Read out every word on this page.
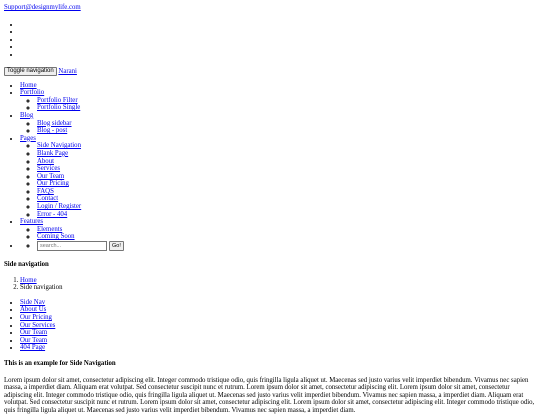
Support@designmylife.com
•
•
•
•
•
Toggle navigation Narani
• Home
• Portfolio
◦ Portfolio Filter
◦ Portfolio Single
• Blog
◦ Blog sidebar
◦ Blog - post
• Pages
◦ Side Navigation
◦ Blank Page
◦ About
◦ Services
◦ Our Team
◦ Our Pricing
◦ FAQS
◦ Contact
◦ Login / Register
◦ Error - 404
• Features
◦ Elements
◦ Coming Soon
search...
◦ • Go!
Side navigation
1. Home
2. Side navigation
• Side Nav
• About Us
• Our Pricing
• Our Services
• Our Team
• Our Team
• 404 Page
This is an example for Side Navigation

Lorem ipsum dolor sit amet, consectetur adipiscing elit. Integer commodo tristique odio, quis fringilla ligula aliquet ut. Maecenas sed justo varius velit imperdiet bibendum. Vivamus nec sapien massa, a imperdiet diam. Aliquam erat volutpat. Sed consectetur suscipit nunc et rutrum. Lorem ipsum dolor sit amet, consectetur adipiscing elit. Lorem ipsum dolor sit amet, consectetur adipiscing elit. Integer commodo tristique odio, quis fringilla ligula aliquet ut. Maecenas sed justo varius velit imperdiet bibendum. Vivamus nec sapien massa, a imperdiet diam. Aliquam erat volutpat. Sed consectetur suscipit nunc et rutrum. Lorem ipsum dolor sit amet, consectetur adipiscing elit. Lorem ipsum dolor sit amet, consectetur adipiscing elit. Integer commodo tristique odio, quis fringilla ligula aliquet ut. Maecenas sed justo varius velit imperdiet bibendum. Vivamus nec sapien massa, a imperdiet diam.
